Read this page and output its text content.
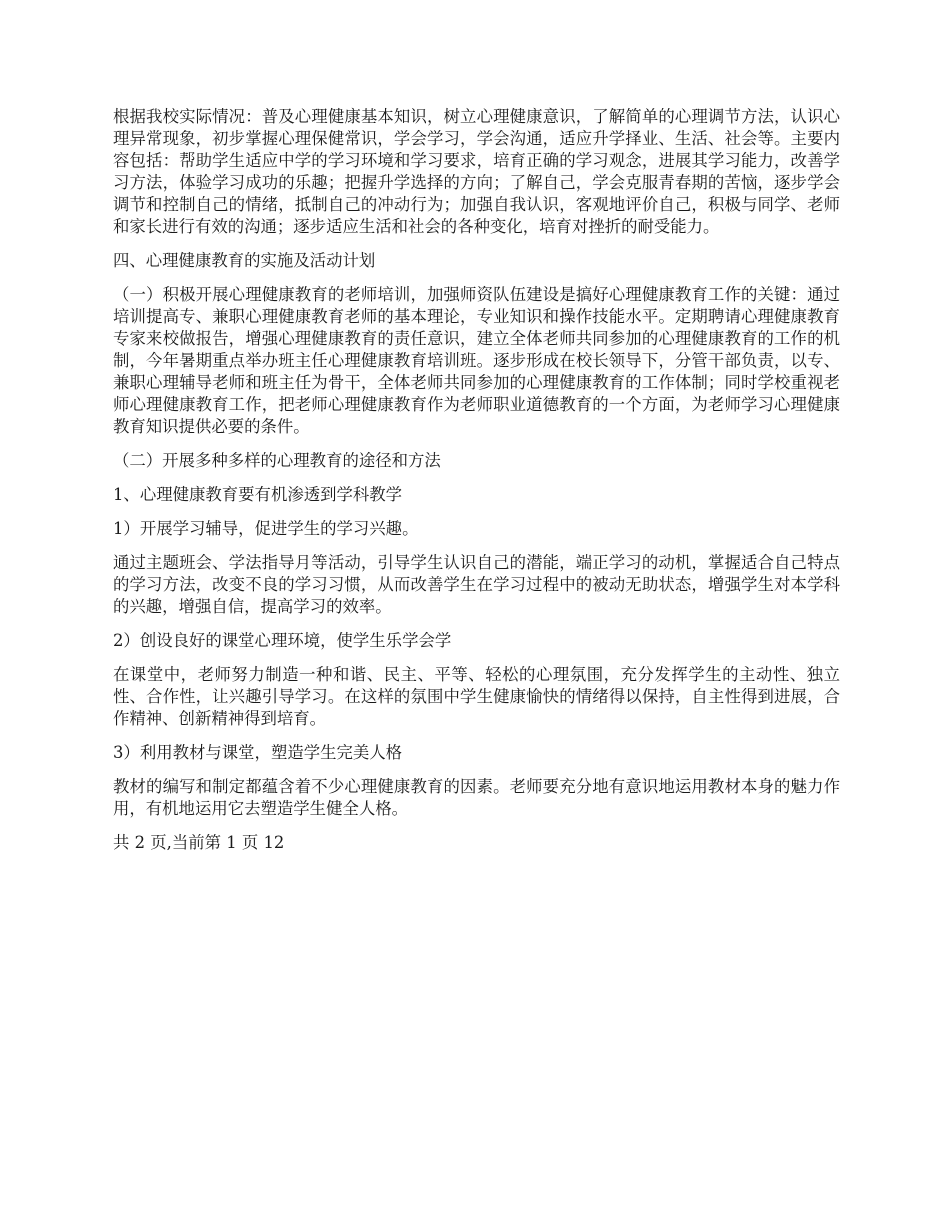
根据我校实际情况：普及心理健康基本知识，树立心理健康意识，了解简单的心理调节方法，认识心理异常现象，初步掌握心理保健常识，学会学习，学会沟通，适应升学择业、生活、社会等。主要内容包括：帮助学生适应中学的学习环境和学习要求，培育正确的学习观念，进展其学习能力，改善学习方法，体验学习成功的乐趣；把握升学选择的方向；了解自己，学会克服青春期的苦恼，逐步学会调节和控制自己的情绪，抵制自己的冲动行为；加强自我认识，客观地评价自己，积极与同学、老师和家长进行有效的沟通；逐步适应生活和社会的各种变化，培育对挫折的耐受能力。

四、心理健康教育的实施及活动计划

（一）积极开展心理健康教育的老师培训，加强师资队伍建设是搞好心理健康教育工作的关键：通过培训提高专、兼职心理健康教育老师的基本理论，专业知识和操作技能水平。定期聘请心理健康教育专家来校做报告，增强心理健康教育的责任意识，建立全体老师共同参加的心理健康教育的工作的机制，今年暑期重点举办班主任心理健康教育培训班。逐步形成在校长领导下，分管干部负责，以专、兼职心理辅导老师和班主任为骨干，全体老师共同参加的心理健康教育的工作体制；同时学校重视老师心理健康教育工作，把老师心理健康教育作为老师职业道德教育的一个方面，为老师学习心理健康教育知识提供必要的条件。

（二）开展多种多样的心理教育的途径和方法

1、心理健康教育要有机渗透到学科教学

1）开展学习辅导，促进学生的学习兴趣。

通过主题班会、学法指导月等活动，引导学生认识自己的潜能，端正学习的动机，掌握适合自己特点的学习方法，改变不良的学习习惯，从而改善学生在学习过程中的被动无助状态，增强学生对本学科的兴趣，增强自信，提高学习的效率。

2）创设良好的课堂心理环境，使学生乐学会学

在课堂中，老师努力制造一种和谐、民主、平等、轻松的心理氛围，充分发挥学生的主动性、独立性、合作性，让兴趣引导学习。在这样的氛围中学生健康愉快的情绪得以保持，自主性得到进展，合作精神、创新精神得到培育。

3）利用教材与课堂，塑造学生完美人格

教材的编写和制定都蕴含着不少心理健康教育的因素。老师要充分地有意识地运用教材本身的魅力作用，有机地运用它去塑造学生健全人格。

共 2 页,当前第 1 页 12
